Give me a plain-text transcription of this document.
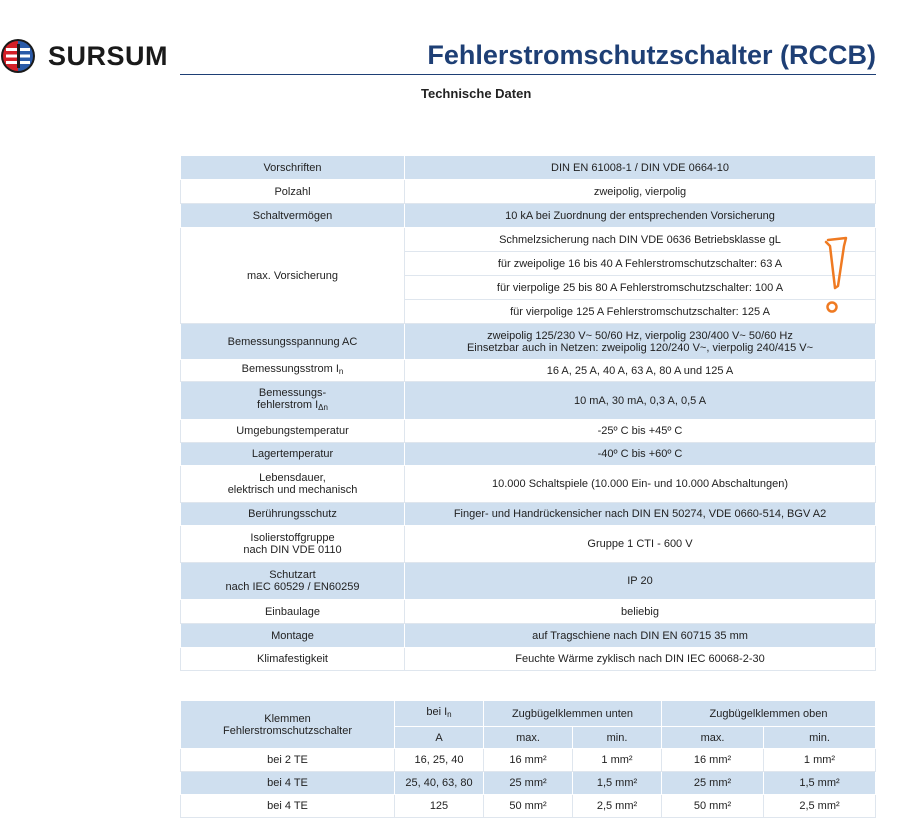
SURSUM	Fehlerstromschutzschalter (RCCB)
Technische Daten
Vorschriften	DIN EN 61008-1 / DIN VDE 0664-10
Polzahl	zweipolig, vierpolig
Schaltvermögen	10 kA bei Zuordnung der entsprechenden Vorsicherung
max. Vorsicherung	Schmelzsicherung nach DIN VDE 0636 Betriebsklasse gL
	für zweipolige 16 bis 40 A Fehlerstromschutzschalter: 63 A
	für vierpolige 25 bis 80 A Fehlerstromschutzschalter: 100 A
	für vierpolige 125 A Fehlerstromschutzschalter: 125 A
Bemessungsspannung AC	zweipolig 125/230 V~ 50/60 Hz, vierpolig 230/400 V~ 50/60 Hz
Einsetzbar auch in Netzen: zweipolig 120/240 V~, vierpolig 240/415 V~

Bemessungsstrom $I_n$	16 A, 25 A, 40 A, 63 A, 80 A und 125 A

Bemessungs-
fehlerstrom $I_{\Delta n}$	10 mA, 30 mA, 0,3 A, 0,5 A
Umgebungstemperatur	-25º C bis +45º C
Lagertemperatur	-40º C bis +60º C

Lebensdauer,
elektrisch und mechanisch	10.000 Schaltspiele (10.000 Ein- und 10.000 Abschaltungen)
Berührungsschutz	Finger- und Handrückensicher nach DIN EN 50274, VDE 0660-514, BGV A2

Isolierstoffgruppe
nach DIN VDE 0110	Gruppe 1 CTI - 600 V

Schutzart
nach IEC 60529 / EN60259	IP 20
Einbaulage	beliebig
Montage	auf Tragschiene nach DIN EN 60715 35 mm
Klimafestigkeit	Feuchte Wärme zyklisch nach DIN IEC 60068-2-30
Klemmen
Fehlerstromschutzschalter	bei $I_n$	Zugbügelklemmen unten		Zugbügelklemmen oben	
	A	max.	min.	max.	min.
bei 2 TE	16, 25, 40	16 mm²	1 mm²	16 mm²	1 mm²
bei 4 TE	25, 40, 63, 80	25 mm²	1,5 mm²	25 mm²	1,5 mm²
bei 4 TE	125	50 mm²	2,5 mm²	50 mm²	2,5 mm²
